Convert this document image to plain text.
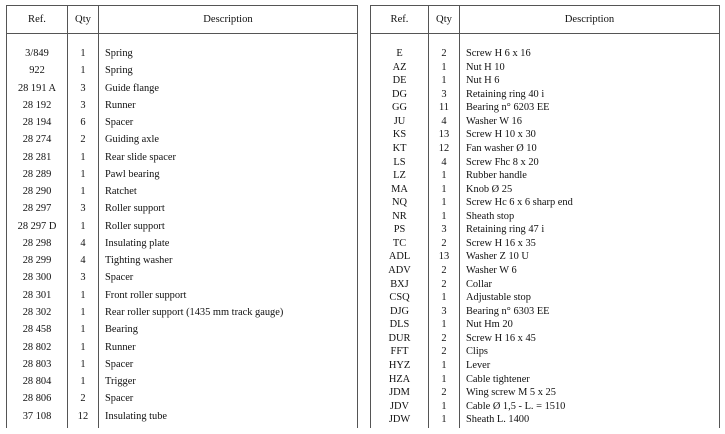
Ref.	Qty	Description

3/849	1	Spring
922	1	Spring
28 191 A	3	Guide flange
28 192	3	Runner
28 194	6	Spacer
28 274	2	Guiding axle
28 281	1	Rear slide spacer
28 289	1	Pawl bearing
28 290	1	Ratchet
28 297	3	Roller support
28 297 D	1	Roller support
28 298	4	Insulating plate
28 299	4	Tighting washer
28 300	3	Spacer
28 301	1	Front roller support
28 302	1	Rear roller support (1435 mm track gauge)
28 458	1	Bearing
28 802	1	Runner
28 803	1	Spacer
28 804	1	Trigger
28 806	2	Spacer
37 108	12	Insulating tube

Ref.	Qty	Description

E	2	Screw H 6 x 16
AZ	1	Nut H 10
DE	1	Nut H 6
DG	3	Retaining ring 40 i
GG	11	Bearing n° 6203 EE
JU	4	Washer W 16
KS	13	Screw H 10 x 30
KT	12	Fan washer Ø 10
LS	4	Screw Fhc 8 x 20
LZ	1	Rubber handle
MA	1	Knob Ø 25
NQ	1	Screw Hc 6 x 6 sharp end
NR	1	Sheath stop
PS	3	Retaining ring 47 i
TC	2	Screw H 16 x 35
ADL	13	Washer Z 10 U
ADV	2	Washer W 6
BXJ	2	Collar
CSQ	1	Adjustable stop
DJG	3	Bearing n° 6303 EE
DLS	1	Nut Hm 20
DUR	2	Screw H 16 x 45
FFT	2	Clips
HYZ	1	Lever
HZA	1	Cable tightener
JDM	2	Wing screw M 5 x 25
JDV	1	Cable Ø 1,5 - L. = 1510
JDW	1	Sheath L. 1400
